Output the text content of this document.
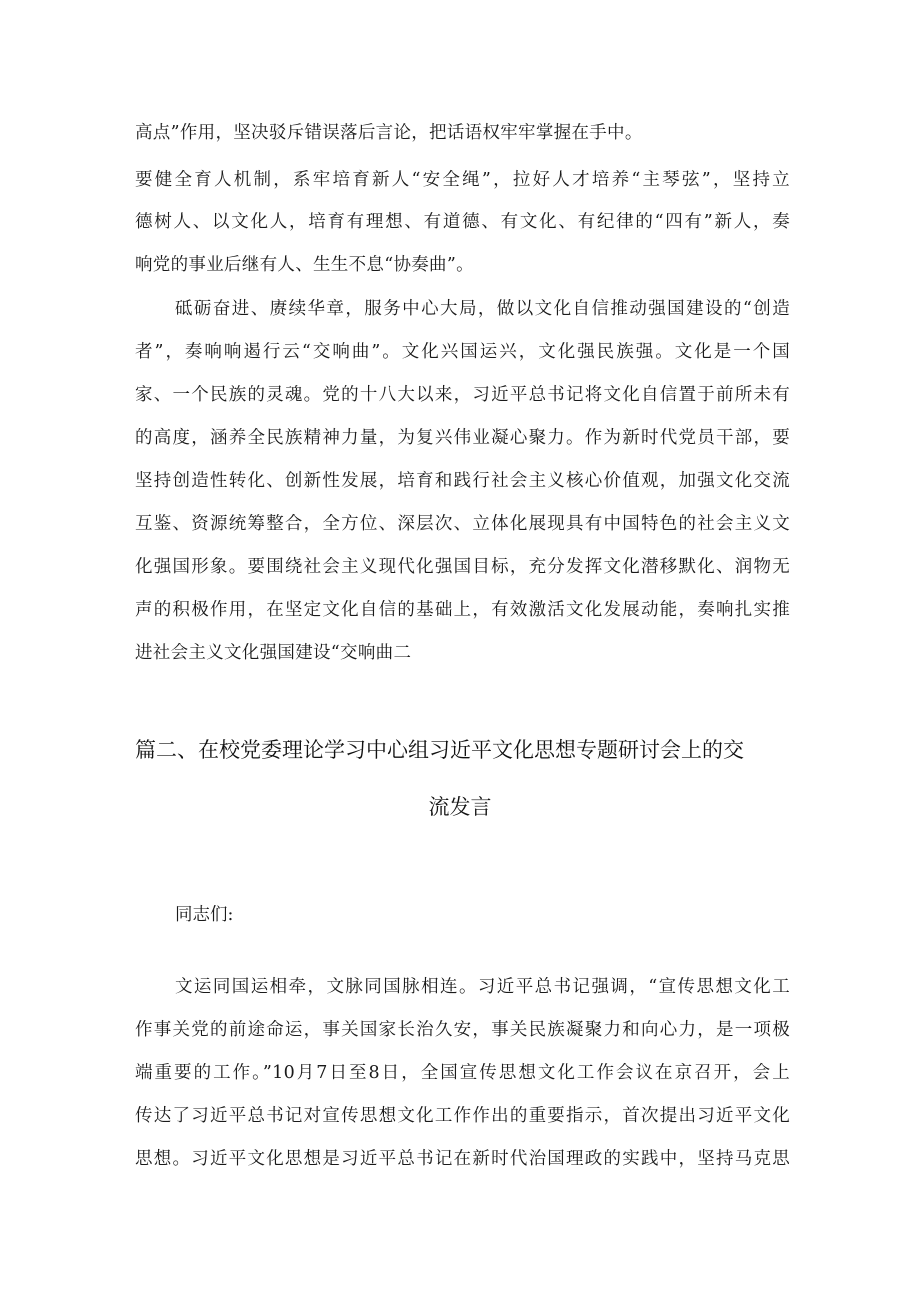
高点”作用，坚决驳斥错误落后言论，把话语权牢牢掌握在手中。
要健全育人机制，系牢培育新人“安全绳”，拉好人才培养“主琴弦”，坚持立
德树人、以文化人，培育有理想、有道德、有文化、有纪律的“四有”新人，奏
响党的事业后继有人、生生不息“协奏曲”。
砥砺奋进、赓续华章，服务中心大局，做以文化自信推动强国建设的“创造
者”，奏响响遏行云“交响曲”。文化兴国运兴，文化强民族强。文化是一个国
家、一个民族的灵魂。党的十八大以来，习近平总书记将文化自信置于前所未有
的高度，涵养全民族精神力量，为复兴伟业凝心聚力。作为新时代党员干部，要
坚持创造性转化、创新性发展，培育和践行社会主义核心价值观，加强文化交流
互鉴、资源统筹整合，全方位、深层次、立体化展现具有中国特色的社会主义文
化强国形象。要围绕社会主义现代化强国目标，充分发挥文化潜移默化、润物无
声的积极作用，在坚定文化自信的基础上，有效激活文化发展动能，奏响扎实推
进社会主义文化强国建设“交响曲二
篇二、在校党委理论学习中心组习近平文化思想专题研讨会上的交
流发言
同志们:
文运同国运相牵，文脉同国脉相连。习近平总书记强调，“宣传思想文化工
作事关党的前途命运，事关国家长治久安，事关民族凝聚力和向心力，是一项极
端重要的工作。”10月7日至8日，全国宣传思想文化工作会议在京召开，会上
传达了习近平总书记对宣传思想文化工作作出的重要指示，首次提出习近平文化
思想。习近平文化思想是习近平总书记在新时代治国理政的实践中，坚持马克思
